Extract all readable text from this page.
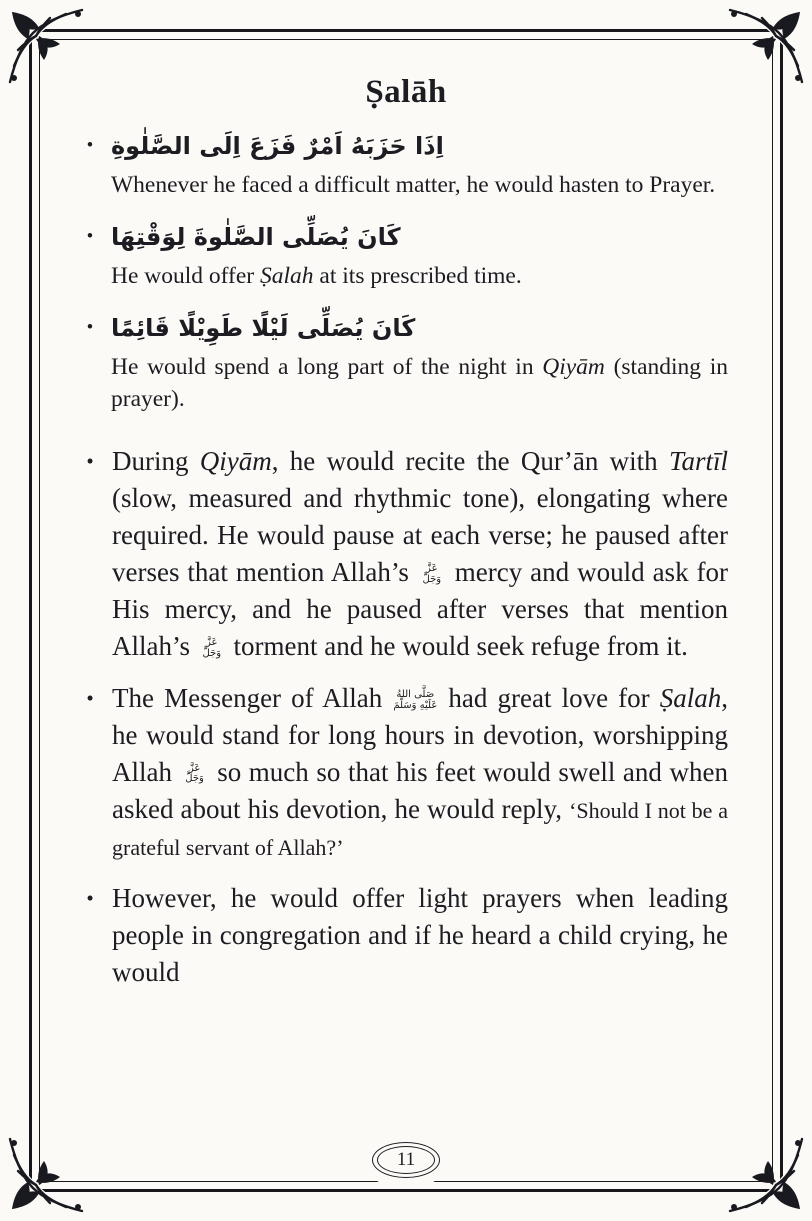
Ṣalāh
• اِذَا حَزَبَهُ اَمْرٌ فَزَعَ اِلَى الصَّلٰوةِ
Whenever he faced a difficult matter, he would hasten to Prayer.
• كَانَ يُصَلِّى الصَّلٰوةَ لِوَقْتِهَا
He would offer Ṣalah at its prescribed time.
• كَانَ يُصَلِّى لَيْلًا طَوِيْلًا قَائِمًا
He would spend a long part of the night in Qiyām (standing in prayer).
• During Qiyām, he would recite the Qur’ān with Tartīl (slow, measured and rhythmic tone), elongating where required. He would pause at each verse; he paused after verses that mention Allah’s عَزَّ وَجَلَّ mercy and would ask for His mercy, and he paused after verses that mention Allah’s عَزَّ وَجَلَّ torment and he would seek refuge from it.
• The Messenger of Allah صَلَّى اللهُ عَلَيْهِ وَسَلَّمَ had great love for Ṣalah, he would stand for long hours in devotion, worshipping Allah عَزَّ وَجَلَّ so much so that his feet would swell and when asked about his devotion, he would reply, ‘Should I not be a grateful servant of Allah?’
• However, he would offer light prayers when leading people in congregation and if he heard a child crying, he would
11
